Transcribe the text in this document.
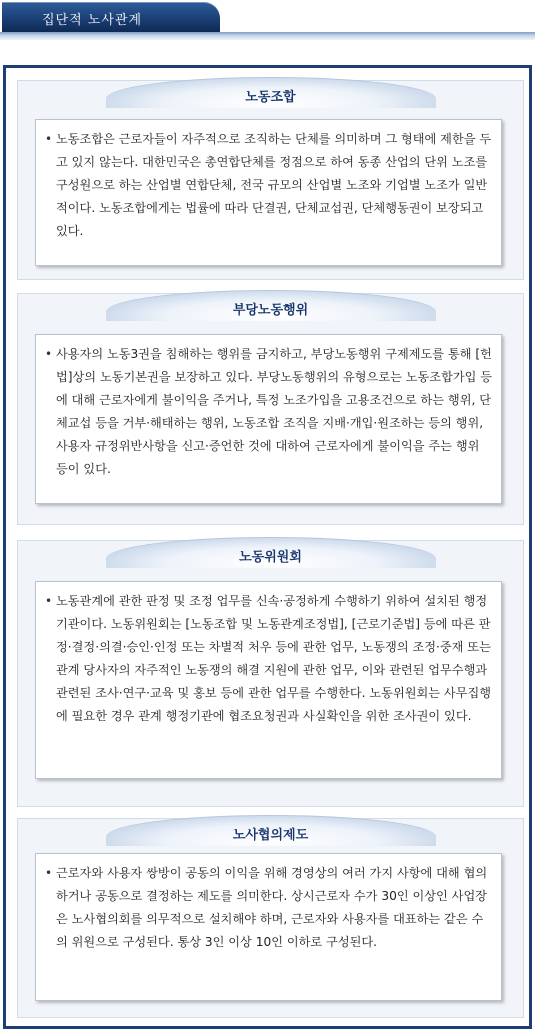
집단적 노사관계
노동조합
• 노동조합은 근로자들이 자주적으로 조직하는 단체를 의미하며 그 형태에 제한을 두고 있지 않는다. 대한민국은 총연합단체를 정점으로 하여 동종 산업의 단위 노조를 구성원으로 하는 산업별 연합단체, 전국 규모의 산업별 노조와 기업별 노조가 일반적이다. 노동조합에게는 법률에 따라 단결권, 단체교섭권, 단체행동권이 보장되고 있다.
부당노동행위
• 사용자의 노동3권을 침해하는 행위를 금지하고, 부당노동행위 구제제도를 통해 [헌법]상의 노동기본권을 보장하고 있다. 부당노동행위의 유형으로는 노동조합가입 등에 대해 근로자에게 불이익을 주거나, 특정 노조가입을 고용조건으로 하는 행위, 단체교섭 등을 거부·해태하는 행위, 노동조합 조직을 지배·개입·원조하는 등의 행위, 사용자 규정위반사항을 신고·증언한 것에 대하여 근로자에게 불이익을 주는 행위 등이 있다.
노동위원회
• 노동관계에 관한 판정 및 조정 업무를 신속·공정하게 수행하기 위하여 설치된 행정기관이다. 노동위원회는 [노동조합 및 노동관계조정법], [근로기준법] 등에 따른 판정·결정·의결·승인·인정 또는 차별적 처우 등에 관한 업무, 노동쟁의 조정·중재 또는 관계 당사자의 자주적인 노동쟁의 해결 지원에 관한 업무, 이와 관련된 업무수행과 관련된 조사·연구·교육 및 홍보 등에 관한 업무를 수행한다. 노동위원회는 사무집행에 필요한 경우 관계 행정기관에 협조요청권과 사실확인을 위한 조사권이 있다.
노사협의제도
• 근로자와 사용자 쌍방이 공동의 이익을 위해 경영상의 여러 가지 사항에 대해 협의하거나 공동으로 결정하는 제도를 의미한다. 상시근로자 수가 30인 이상인 사업장은 노사협의회를 의무적으로 설치해야 하며, 근로자와 사용자를 대표하는 같은 수의 위원으로 구성된다. 통상 3인 이상 10인 이하로 구성된다.
